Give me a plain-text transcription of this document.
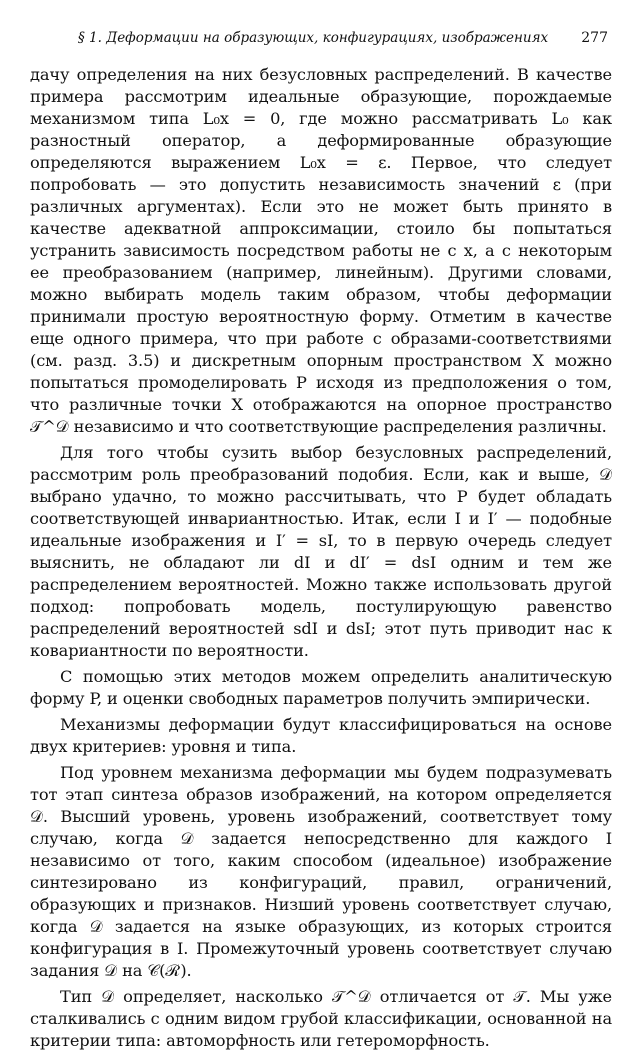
§ 1. Деформации на образующих, конфигурациях, изображениях 277

дачу определения на них безусловных распределений. В качестве примера рассмотрим идеальные образующие, порождаемые механизмом типа L₀x = 0, где можно рассматривать L₀ как разностный оператор, а деформированные образующие определяются выражением L₀x = ε. Первое, что следует попробовать — это допустить независимость значений ε (при различных аргументах). Если это не может быть принято в качестве адекватной аппроксимации, стоило бы попытаться устранить зависимость посредством работы не с x, а с некоторым ее преобразованием (например, линейным). Другими словами, можно выбирать модель таким образом, чтобы деформации принимали простую вероятностную форму. Отметим в качестве еще одного примера, что при работе с образами-соответствиями (см. разд. 3.5) и дискретным опорным пространством X можно попытаться промоделировать P исходя из предположения о том, что различные точки X отображаются на опорное пространство 𝒯^𝒟 независимо и что соответствующие распределения различны.

Для того чтобы сузить выбор безусловных распределений, рассмотрим роль преобразований подобия. Если, как и выше, 𝒟 выбрано удачно, то можно рассчитывать, что P будет обладать соответствующей инвариантностью. Итак, если I и I′ — подобные идеальные изображения и I′ = sI, то в первую очередь следует выяснить, не обладают ли dI и dI′ = dsI одним и тем же распределением вероятностей. Можно также использовать другой подход: попробовать модель, постулирующую равенство распределений вероятностей sdI и dsI; этот путь приводит нас к ковариантности по вероятности.

С помощью этих методов можем определить аналитическую форму P, и оценки свободных параметров получить эмпирически.

Механизмы деформации будут классифицироваться на основе двух критериев: уровня и типа.

Под уровнем механизма деформации мы будем подразумевать тот этап синтеза образов изображений, на котором определяется 𝒟. Высший уровень, уровень изображений, соответствует тому случаю, когда 𝒟 задается непосредственно для каждого I независимо от того, каким способом (идеальное) изображение синтезировано из конфигураций, правил, ограничений, образующих и признаков. Низший уровень соответствует случаю, когда 𝒟 задается на языке образующих, из которых строится конфигурация в I. Промежуточный уровень соответствует случаю задания 𝒟 на 𝒞(ℛ).

Тип 𝒟 определяет, насколько 𝒯^𝒟 отличается от 𝒯. Мы уже сталкивались с одним видом грубой классификации, основанной на критерии типа: автоморфность или гетероморфность.
